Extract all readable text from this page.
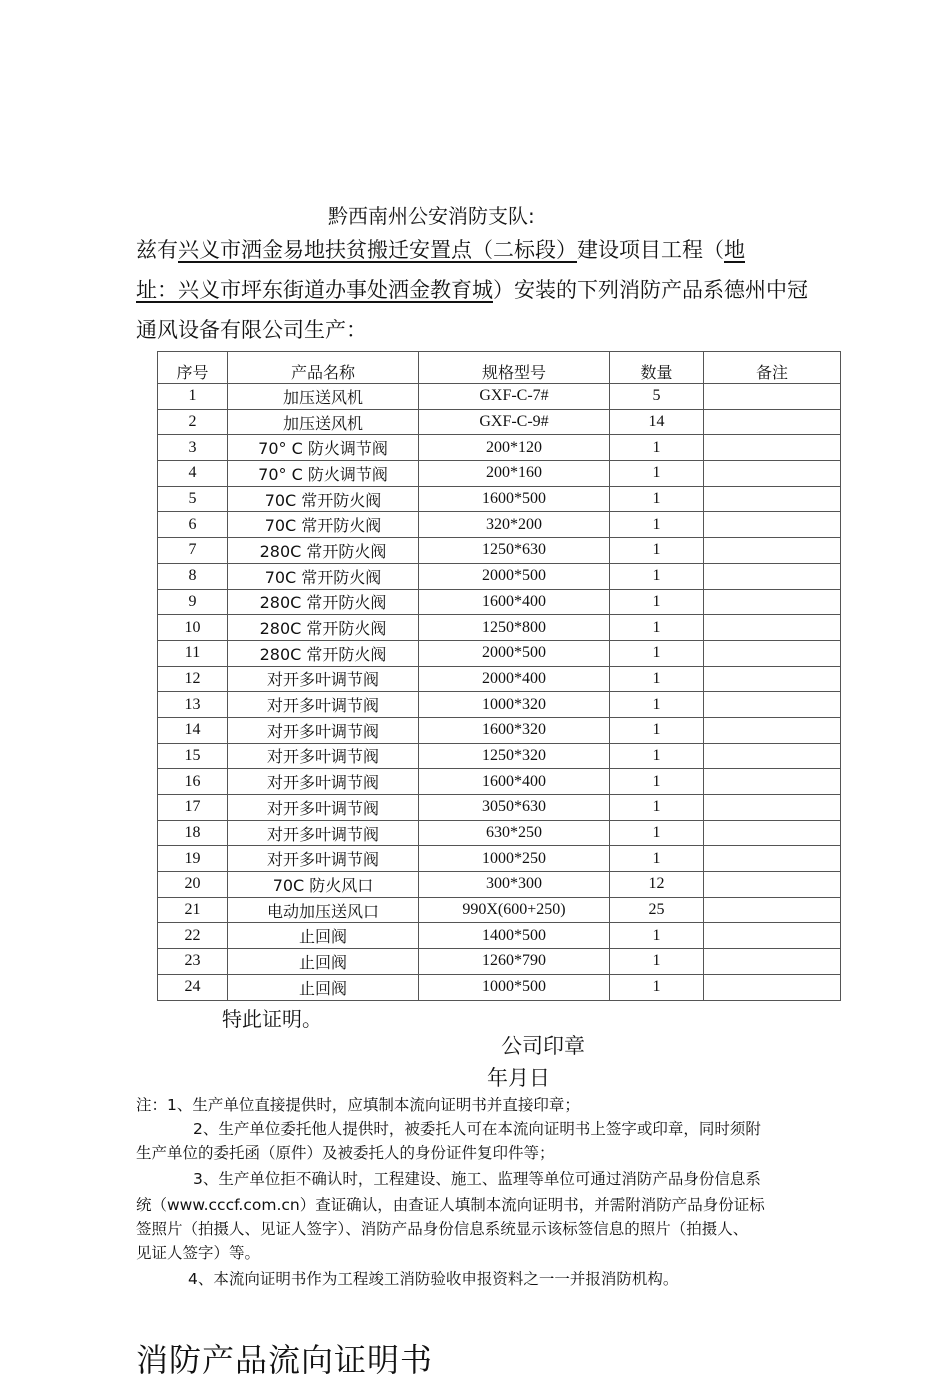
黔西南州公安消防支队:
兹有兴义市洒金易地扶贫搬迁安置点（二标段）建设项目工程（地
址：兴义市坪东街道办事处洒金教育城）安装的下列消防产品系德州中冠
通风设备有限公司生产：
序号	产品名称	规格型号	数量	备注
1	加压送风机	GXF-C-7#	5	
2	加压送风机	GXF-C-9#	14	
3	70° C 防火调节阀	200*120	1	
4	70° C 防火调节阀	200*160	1	
5	70C 常开防火阀	1600*500	1	
6	70C 常开防火阀	320*200	1	
7	280C 常开防火阀	1250*630	1	
8	70C 常开防火阀	2000*500	1	
9	280C 常开防火阀	1600*400	1	
10	280C 常开防火阀	1250*800	1	
11	280C 常开防火阀	2000*500	1	
12	对开多叶调节阀	2000*400	1	
13	对开多叶调节阀	1000*320	1	
14	对开多叶调节阀	1600*320	1	
15	对开多叶调节阀	1250*320	1	
16	对开多叶调节阀	1600*400	1	
17	对开多叶调节阀	3050*630	1	
18	对开多叶调节阀	630*250	1	
19	对开多叶调节阀	1000*250	1	
20	70C 防火风口	300*300	12	
21	电动加压送风口	990X(600+250)	25	
22	止回阀	1400*500	1	
23	止回阀	1260*790	1	
24	止回阀	1000*500	1	
特此证明。
公司印章
年月日
注：1、生产单位直接提供时，应填制本流向证明书并直接印章；
2、生产单位委托他人提供时，被委托人可在本流向证明书上签字或印章，同时须附
生产单位的委托函（原件）及被委托人的身份证件复印件等；
3、生产单位拒不确认时，工程建设、施工、监理等单位可通过消防产品身份信息系
统（www.cccf.com.cn）查证确认，由查证人填制本流向证明书，并需附消防产品身份证标
签照片（拍摄人、见证人签字）、消防产品身份信息系统显示该标签信息的照片（拍摄人、
见证人签字）等。
4、本流向证明书作为工程竣工消防验收申报资料之一一并报消防机构。
消防产品流向证明书
